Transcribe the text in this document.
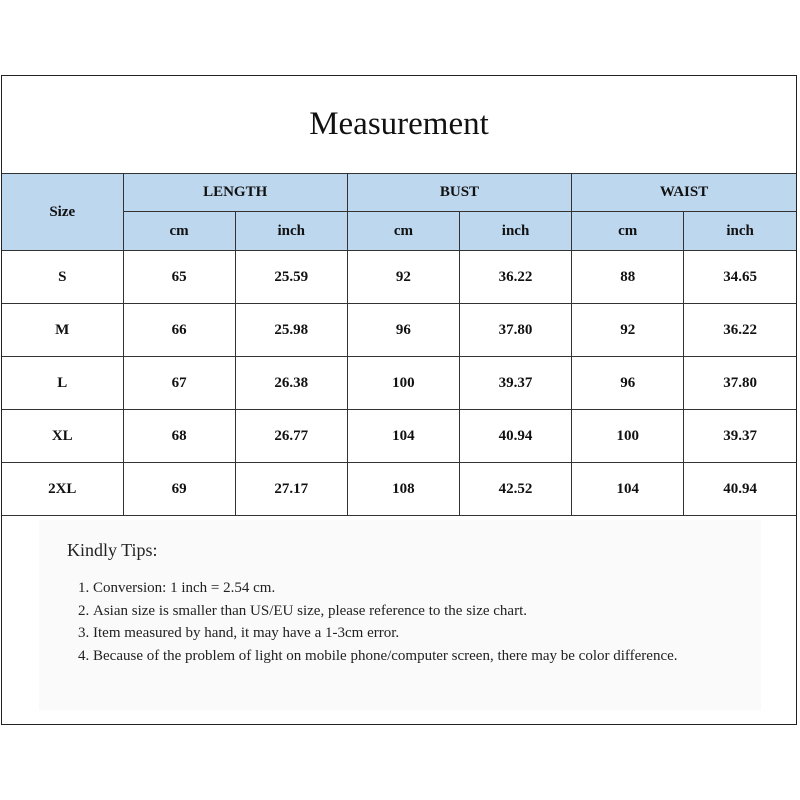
Measurement
Size	LENGTH		BUST		WAIST	
	cm	inch	cm	inch	cm	inch
S	65	25.59	92	36.22	88	34.65
M	66	25.98	96	37.80	92	36.22
L	67	26.38	100	39.37	96	37.80
XL	68	26.77	104	40.94	100	39.37
2XL	69	27.17	108	42.52	104	40.94
Kindly Tips:
1. Conversion: 1 inch = 2.54 cm.
2. Asian size is smaller than US/EU size, please reference to the size chart.
3. Item measured by hand, it may have a 1-3cm error.
4. Because of the problem of light on mobile phone/computer screen, there may be color difference.
